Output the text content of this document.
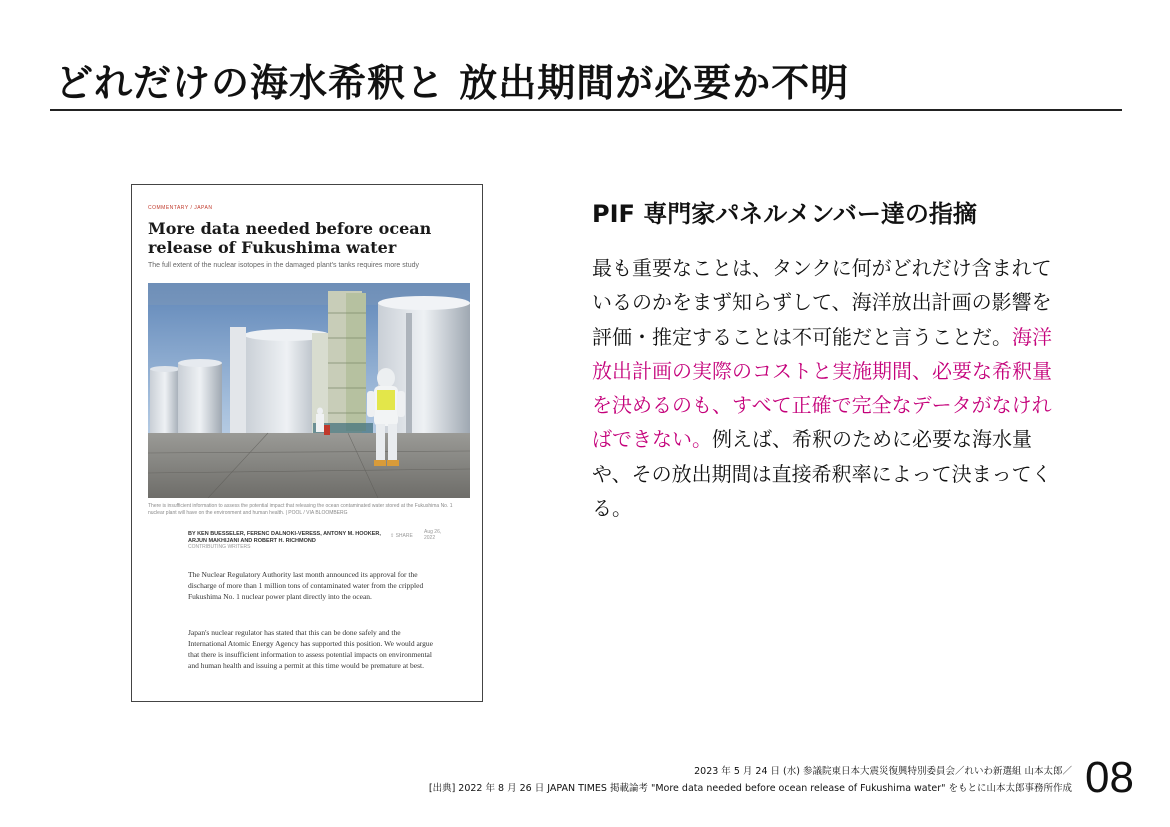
どれだけの海水希釈と 放出期間が必要か不明
COMMENTARY / JAPAN
More data needed before ocean release of Fukushima water
The full extent of the nuclear isotopes in the damaged plant's tanks requires more study
There is insufficient information to assess the potential impact that releasing the ocean contaminated water stored at the Fukushima No. 1 nuclear plant will have on the environment and human health. | POOL / VIA BLOOMBERG
BY KEN BUESSELER, FERENC DALNOKI-VERESS, ANTONY M. HOOKER, ARJUN MAKHIJANI AND ROBERT H. RICHMOND
CONTRIBUTING WRITERS
⇪ SHARE
Aug 26, 2022

The Nuclear Regulatory Authority last month announced its approval for the discharge of more than 1 million tons of contaminated water from the crippled Fukushima No. 1 nuclear power plant directly into the ocean.

Japan's nuclear regulator has stated that this can be done safely and the International Atomic Energy Agency has supported this position. We would argue that there is insufficient information to assess potential impacts on environmental and human health and issuing a permit at this time would be premature at best.

PIF 専門家パネルメンバー達の指摘

最も重要なことは、タンクに何がどれだけ含まれているのかをまず知らずして、海洋放出計画の影響を評価・推定することは不可能だと言うことだ。海洋放出計画の実際のコストと実施期間、必要な希釈量を決めるのも、すべて正確で完全なデータがなければできない。例えば、希釈のために必要な海水量や、その放出期間は直接希釈率によって決まってくる。

2023 年 5 月 24 日 (水) 参議院東日本大震災復興特別委員会／れいわ新選組 山本太郎／
[出典] 2022 年 8 月 26 日 JAPAN TIMES 掲載論考 "More data needed before ocean release of Fukushima water" をもとに山本太郎事務所作成 08
